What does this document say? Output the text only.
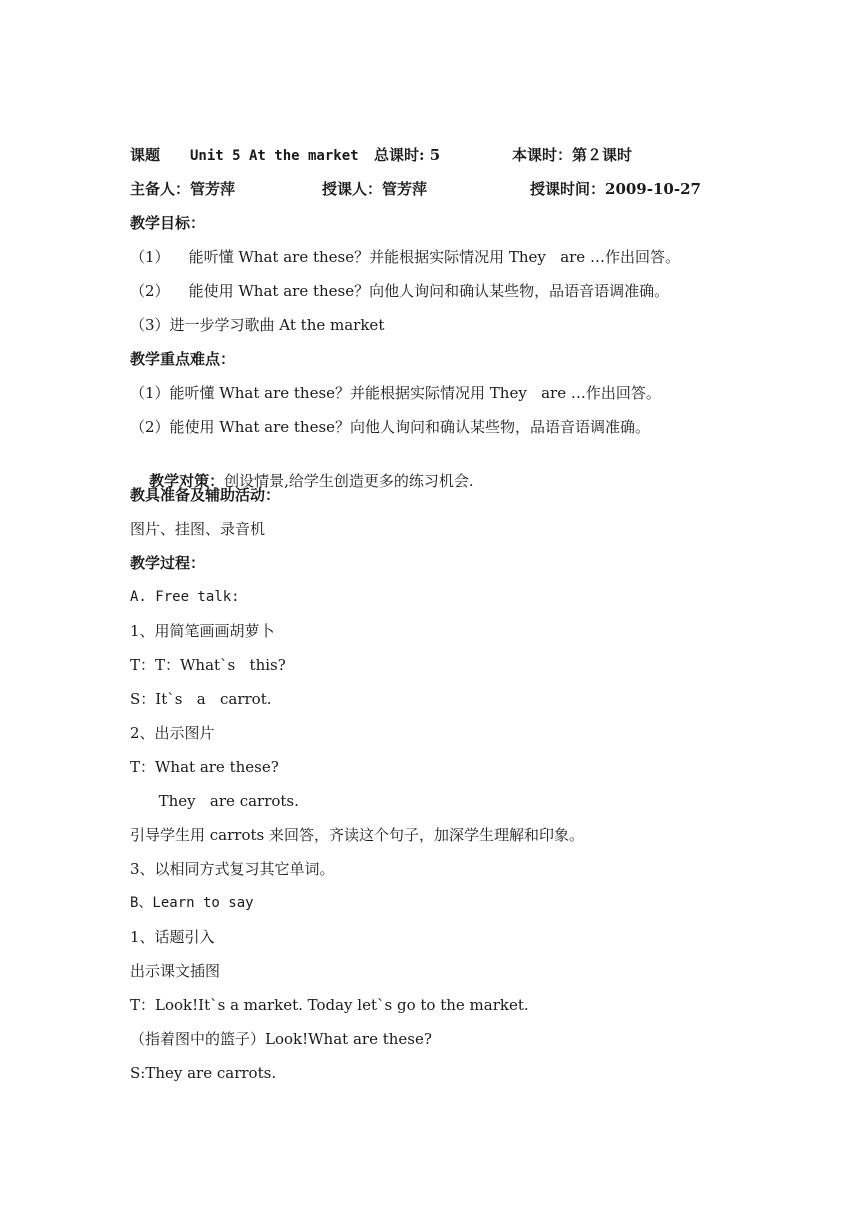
课题

Unit 5 At the market

总课时: 5

	本课时：第２课时

主备人：管芳萍

	授课人：管芳萍

	授课时间：2009-10-27

教学目标：
（1）    能听懂 What are these？并能根据实际情况用 They   are …作出回答。
（2）    能使用 What are these？向他人询问和确认某些物，品语音语调准确。
（3）进一步学习歌曲 At the market
教学重点难点：
（1）能听懂 What are these？并能根据实际情况用 They   are …作出回答。
（2）能使用 What are these？向他人询问和确认某些物，品语音语调准确。

教学对策：创设情景,给学生创造更多的练习机会.

教具准备及辅助活动：
图片、挂图、录音机
教学过程：
A. Free talk:
1、用简笔画画胡萝卜
T：T：What`s   this?
S：It`s   a   carrot.
2、出示图片
T：What are these?
They   are carrots.
引导学生用 carrots 来回答，齐读这个句子，加深学生理解和印象。
3、以相同方式复习其它单词。
B、Learn to say
1、话题引入
出示课文插图
T：Look!It`s a market. Today let`s go to the market.
（指着图中的篮子）Look!What are these?
S:They are carrots.
